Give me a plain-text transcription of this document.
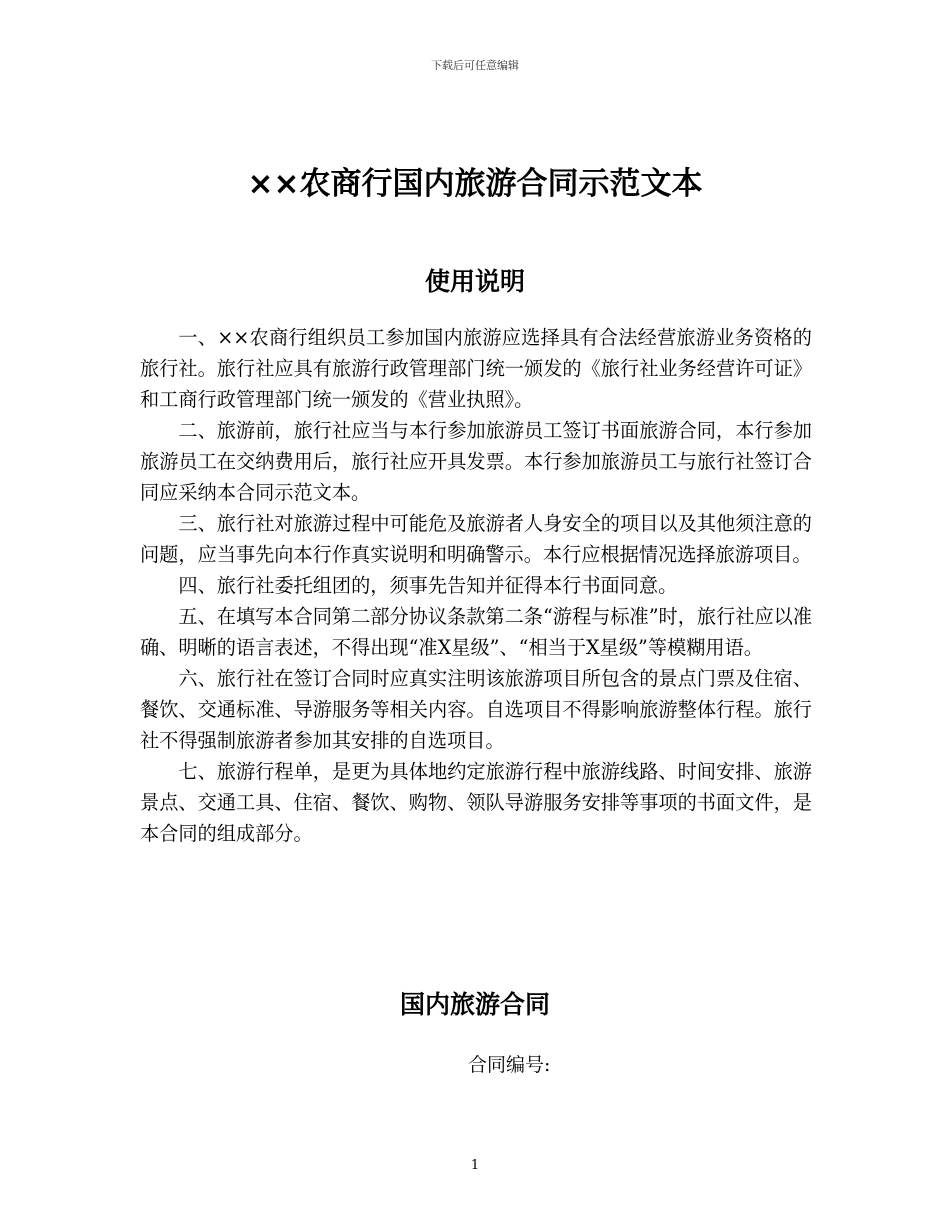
下载后可任意编辑
××农商行国内旅游合同示范文本
使用说明

一、××农商行组织员工参加国内旅游应选择具有合法经营旅游业务资格的旅行社。旅行社应具有旅游行政管理部门统一颁发的《旅行社业务经营许可证》和工商行政管理部门统一颁发的《营业执照》。

二、旅游前，旅行社应当与本行参加旅游员工签订书面旅游合同，本行参加旅游员工在交纳费用后，旅行社应开具发票。本行参加旅游员工与旅行社签订合同应采纳本合同示范文本。

三、旅行社对旅游过程中可能危及旅游者人身安全的项目以及其他须注意的问题，应当事先向本行作真实说明和明确警示。本行应根据情况选择旅游项目。

四、旅行社委托组团的，须事先告知并征得本行书面同意。

五、在填写本合同第二部分协议条款第二条“游程与标准”时，旅行社应以准确、明晰的语言表述，不得出现“准X星级”、“相当于X星级”等模糊用语。

六、旅行社在签订合同时应真实注明该旅游项目所包含的景点门票及住宿、餐饮、交通标准、导游服务等相关内容。自选项目不得影响旅游整体行程。旅行社不得强制旅游者参加其安排的自选项目。

七、旅游行程单，是更为具体地约定旅游行程中旅游线路、时间安排、旅游景点、交通工具、住宿、餐饮、购物、领队导游服务安排等事项的书面文件，是本合同的组成部分。

国内旅游合同
合同编号:
1
